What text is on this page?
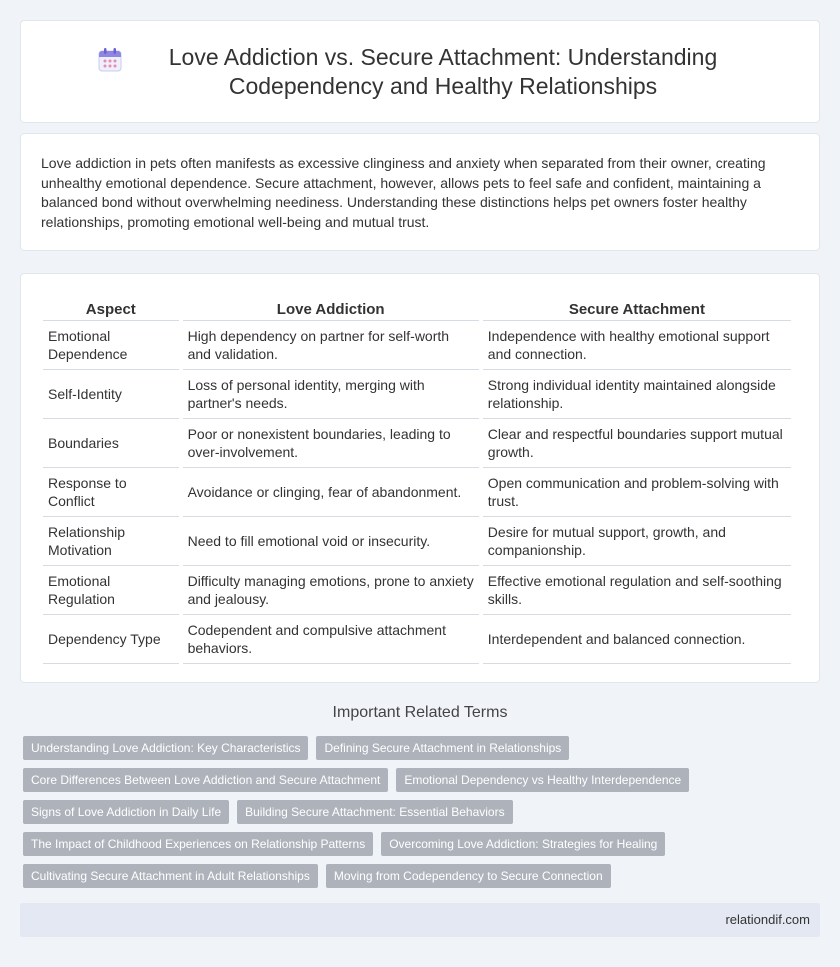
Love Addiction vs. Secure Attachment: Understanding Codependency and Healthy Relationships

Love addiction in pets often manifests as excessive clinginess and anxiety when separated from their owner, creating unhealthy emotional dependence. Secure attachment, however, allows pets to feel safe and confident, maintaining a balanced bond without overwhelming neediness. Understanding these distinctions helps pet owners foster healthy relationships, promoting emotional well-being and mutual trust.

Aspect	Love Addiction	Secure Attachment
Emotional Dependence	High dependency on partner for self-worth and validation.	Independence with healthy emotional support and connection.
Self-Identity	Loss of personal identity, merging with partner's needs.	Strong individual identity maintained alongside relationship.
Boundaries	Poor or nonexistent boundaries, leading to over-involvement.	Clear and respectful boundaries support mutual growth.
Response to Conflict	Avoidance or clinging, fear of abandonment.	Open communication and problem-solving with trust.
Relationship Motivation	Need to fill emotional void or insecurity.	Desire for mutual support, growth, and companionship.
Emotional Regulation	Difficulty managing emotions, prone to anxiety and jealousy.	Effective emotional regulation and self-soothing skills.
Dependency Type	Codependent and compulsive attachment behaviors.	Interdependent and balanced connection.
Important Related Terms
Understanding Love Addiction: Key Characteristics	Defining Secure Attachment in Relationships
Core Differences Between Love Addiction and Secure Attachment	Emotional Dependency vs Healthy Interdependence
Signs of Love Addiction in Daily Life	Building Secure Attachment: Essential Behaviors
The Impact of Childhood Experiences on Relationship Patterns	Overcoming Love Addiction: Strategies for Healing
Cultivating Secure Attachment in Adult Relationships	Moving from Codependency to Secure Connection
relationdif.com
